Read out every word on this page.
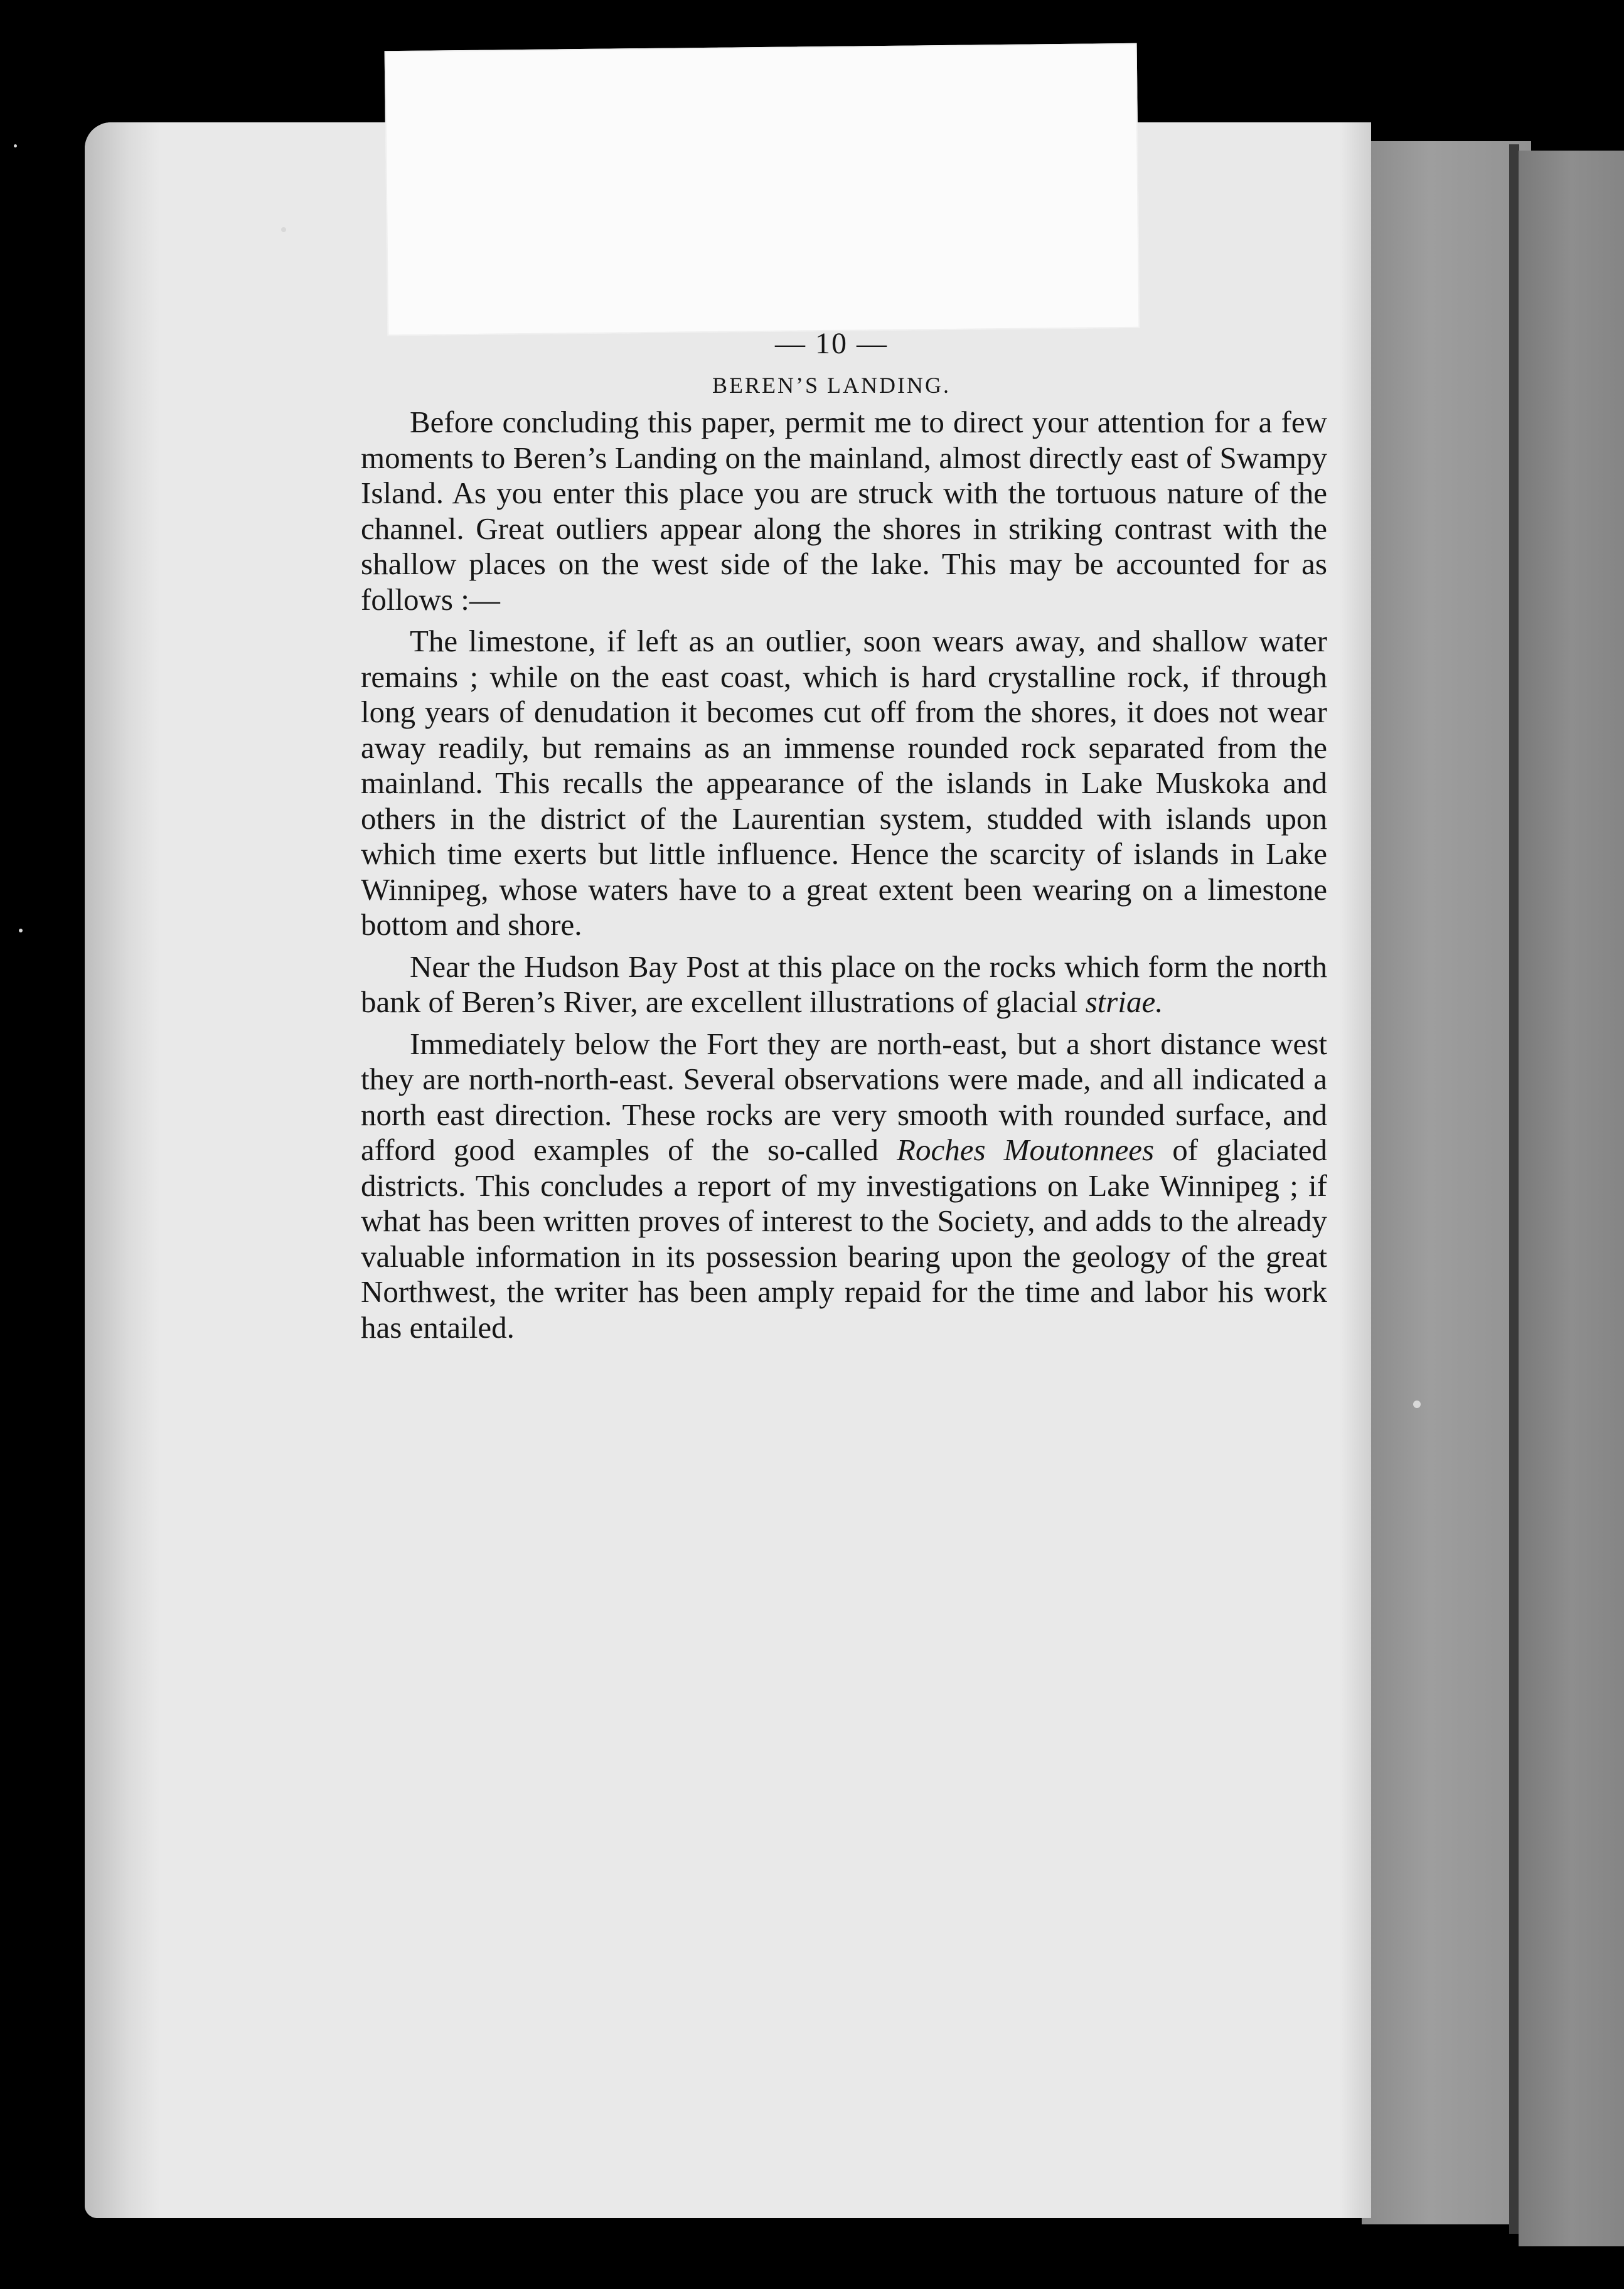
— 10 —
BEREN’S LANDING.

Before concluding this paper, permit me to direct your attention for a few moments to Beren’s Landing on the mainland, almost directly east of Swampy Island. As you enter this place you are struck with the tortuous nature of the channel. Great outliers appear along the shores in striking contrast with the shallow places on the west side of the lake. This may be accounted for as follows :—

The limestone, if left as an outlier, soon wears away, and shallow water remains ; while on the east coast, which is hard crystalline rock, if through long years of denudation it becomes cut off from the shores, it does not wear away readily, but remains as an immense rounded rock separated from the mainland. This recalls the appearance of the islands in Lake Muskoka and others in the district of the Laurentian system, studded with islands upon which time exerts but little influence. Hence the scarcity of islands in Lake Winnipeg, whose waters have to a great extent been wearing on a limestone bottom and shore.

Near the Hudson Bay Post at this place on the rocks which form the north bank of Beren’s River, are excellent illustrations of glacial striae.

Immediately below the Fort they are north-east, but a short distance west they are north-north-east. Several observations were made, and all indicated a north east direction. These rocks are very smooth with rounded surface, and afford good examples of the so-called Roches Moutonnees of glaciated districts. This concludes a report of my investigations on Lake Winnipeg ; if what has been written proves of interest to the Society, and adds to the already valuable information in its possession bearing upon the geology of the great Northwest, the writer has been amply repaid for the time and labor his work has entailed.
